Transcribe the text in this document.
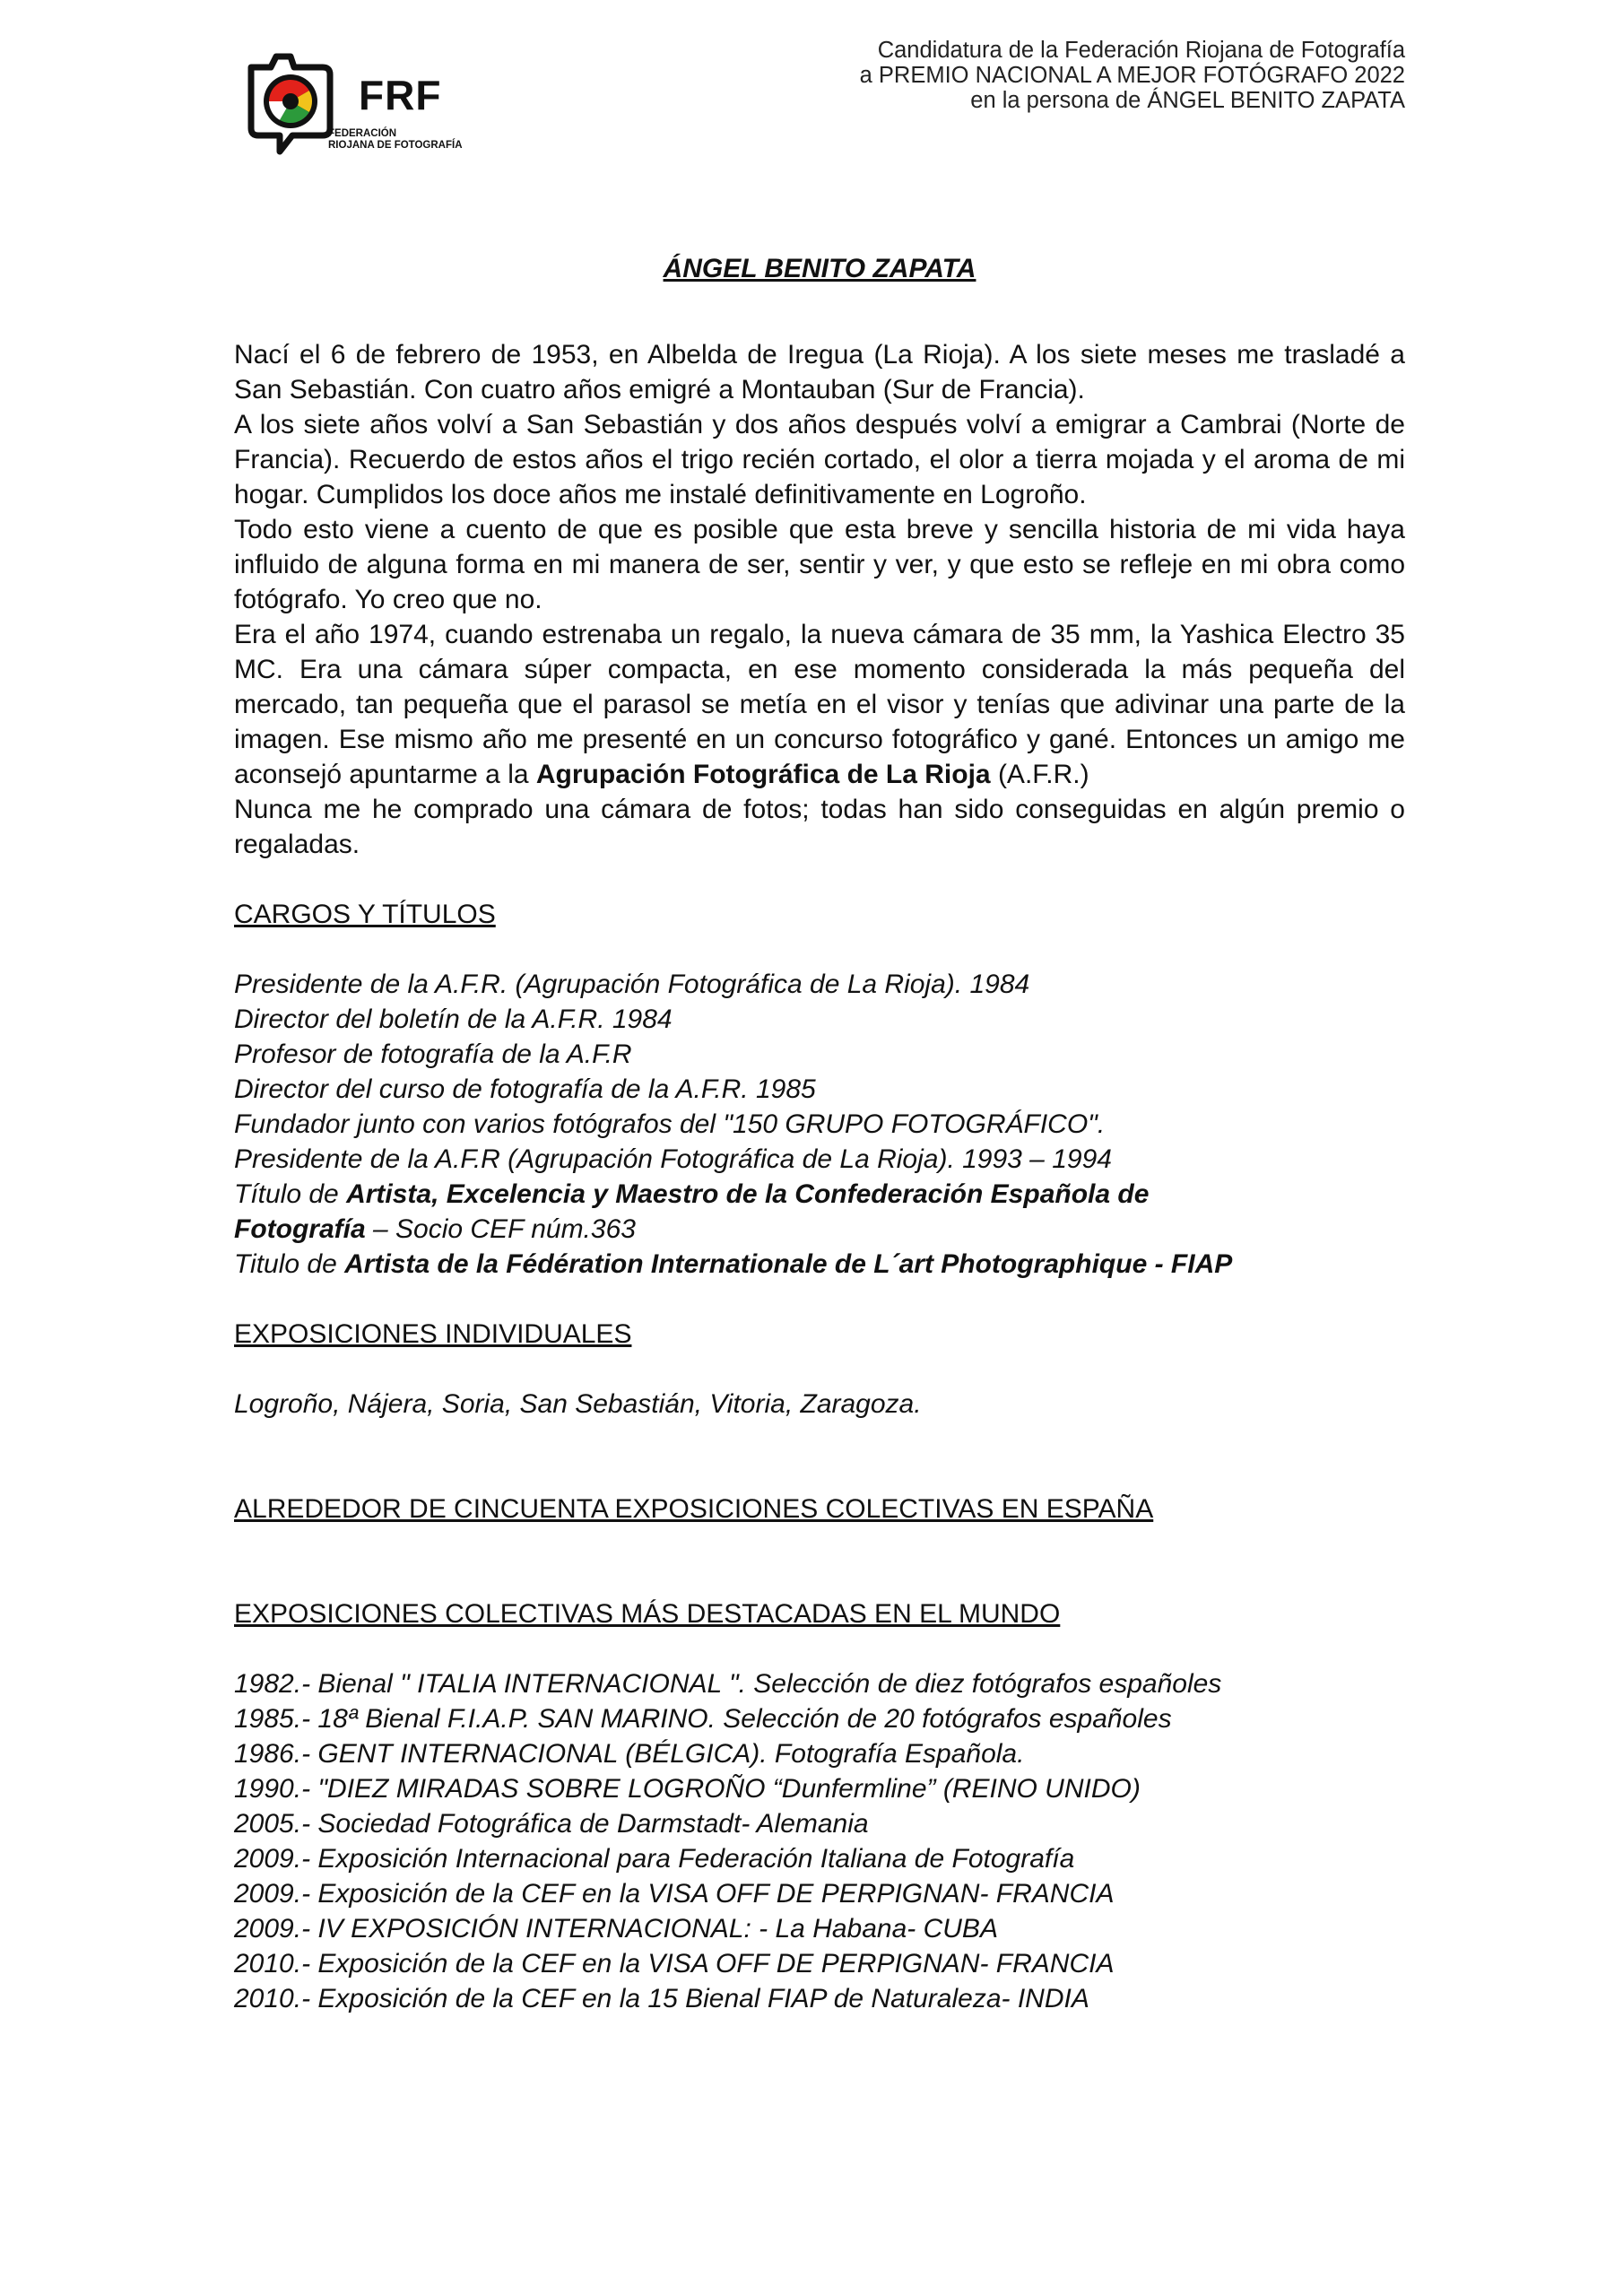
FRF
FEDERACIÓN
RIOJANA DE FOTOGRAFÍA
Candidatura de la Federación Riojana de Fotografía
a PREMIO NACIONAL A MEJOR FOTÓGRAFO 2022
en la persona de ÁNGEL BENITO ZAPATA
ÁNGEL BENITO ZAPATA

Nací el 6 de febrero de 1953, en Albelda de Iregua (La Rioja). A los siete meses me trasladé a San Sebastián. Con cuatro años emigré a Montauban (Sur de Francia).

A los siete años volví a San Sebastián y dos años después volví a emigrar a Cambrai (Norte de Francia). Recuerdo de estos años el trigo recién cortado, el olor a tierra mojada y el aroma de mi hogar. Cumplidos los doce años me instalé definitivamente en Logroño.

Todo esto viene a cuento de que es posible que esta breve y sencilla historia de mi vida haya influido de alguna forma en mi manera de ser, sentir y ver, y que esto se refleje en mi obra como fotógrafo. Yo creo que no.

Era el año 1974, cuando estrenaba un regalo, la nueva cámara de 35 mm, la Yashica Electro 35 MC. Era una cámara súper compacta, en ese momento considerada la más pequeña del mercado, tan pequeña que el parasol se metía en el visor y tenías que adivinar una parte de la imagen. Ese mismo año me presenté en un concurso fotográfico y gané. Entonces un amigo me aconsejó apuntarme a la Agrupación Fotográfica de La Rioja (A.F.R.)

Nunca me he comprado una cámara de fotos; todas han sido conseguidas en algún premio o regaladas.

CARGOS Y TÍTULOS

Presidente de la A.F.R. (Agrupación Fotográfica de La Rioja). 1984
Director del boletín de la A.F.R. 1984
Profesor de fotografía de la A.F.R
Director del curso de fotografía de la A.F.R. 1985
Fundador junto con varios fotógrafos del "150 GRUPO FOTOGRÁFICO".
Presidente de la A.F.R (Agrupación Fotográfica de La Rioja). 1993 – 1994
Título de Artista, Excelencia y Maestro de la Confederación Española de
Fotografía – Socio CEF núm.363
Titulo de Artista de la Fédération Internationale de L´art Photographique - FIAP

EXPOSICIONES INDIVIDUALES

Logroño, Nájera, Soria, San Sebastián, Vitoria, Zaragoza.

ALREDEDOR DE CINCUENTA EXPOSICIONES COLECTIVAS EN ESPAÑA

EXPOSICIONES COLECTIVAS MÁS DESTACADAS EN EL MUNDO

1982.- Bienal " ITALIA INTERNACIONAL ". Selección de diez fotógrafos españoles
1985.- 18ª Bienal F.I.A.P. SAN MARINO. Selección de 20 fotógrafos españoles
1986.- GENT INTERNACIONAL (BÉLGICA). Fotografía Española.
1990.- "DIEZ MIRADAS SOBRE LOGROÑO “Dunfermline” (REINO UNIDO)
2005.- Sociedad Fotográfica de Darmstadt- Alemania
2009.- Exposición Internacional para Federación Italiana de Fotografía
2009.- Exposición de la CEF en la VISA OFF DE PERPIGNAN- FRANCIA
2009.- IV EXPOSICIÓN INTERNACIONAL: - La Habana- CUBA
2010.- Exposición de la CEF en la VISA OFF DE PERPIGNAN- FRANCIA
2010.- Exposición de la CEF en la 15 Bienal FIAP de Naturaleza- INDIA
